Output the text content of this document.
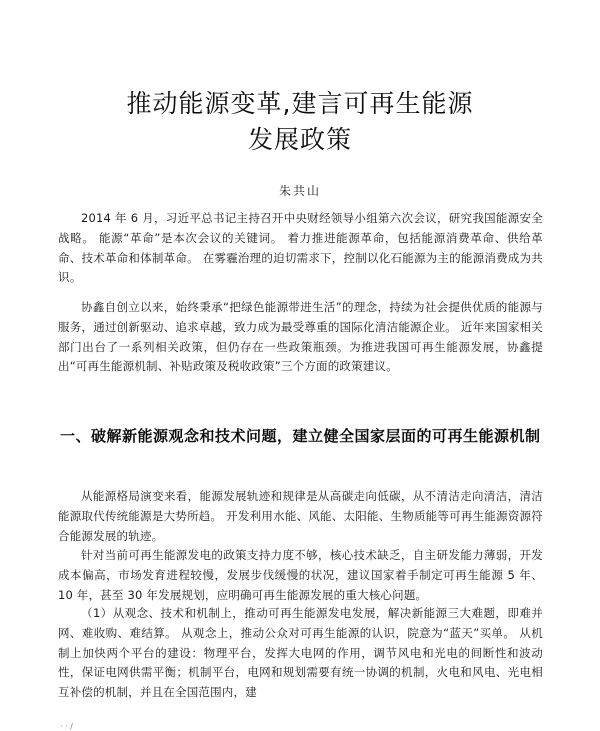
推动能源变革,建言可再生能源
发展政策
朱共山

2014 年 6 月，习近平总书记主持召开中央财经领导小组第六次会议，研究我国能源安全战略。 能源“革命”是本次会议的关键词。 着力推进能源革命，包括能源消费革命、供给革命、技术革命和体制革命。 在雾霾治理的迫切需求下，控制以化石能源为主的能源消费成为共识。

协鑫自创立以来，始终秉承“把绿色能源带进生活”的理念，持续为社会提供优质的能源与服务，通过创新驱动、追求卓越，致力成为最受尊重的国际化清洁能源企业。 近年来国家相关部门出台了一系列相关政策，但仍存在一些政策瓶颈。为推进我国可再生能源发展，协鑫提出“可再生能源机制、补贴政策及税收政策”三个方面的政策建议。

一、破解新能源观念和技术问题，建立健全国家层面的可再生能源机制

从能源格局演变来看，能源发展轨迹和规律是从高碳走向低碳，从不清洁走向清洁，清洁能源取代传统能源是大势所趋。 开发利用水能、风能、太阳能、生物质能等可再生能源资源符合能源发展的轨迹。

针对当前可再生能源发电的政策支持力度不够，核心技术缺乏，自主研发能力薄弱，开发成本偏高，市场发育进程较慢，发展步伐缓慢的状况，建议国家着手制定可再生能源 5 年、10 年，甚至 30 年发展规划，应明确可再生能源发展的重大核心问题。

（1）从观念、技术和机制上，推动可再生能源发电发展，解决新能源三大难题，即难并网、难收购、难结算。 从观念上，推动公众对可再生能源的认识，院意为“蓝天”买单。 从机制上加快两个平台的建设：物理平台，发挥大电网的作用，调节风电和光电的间断性和波动性，保证电网供需平衡；机制平台，电网和规划需要有统一协调的机制，火电和风电、光电相互补偿的机制，并且在全国范围内，建

· · /
